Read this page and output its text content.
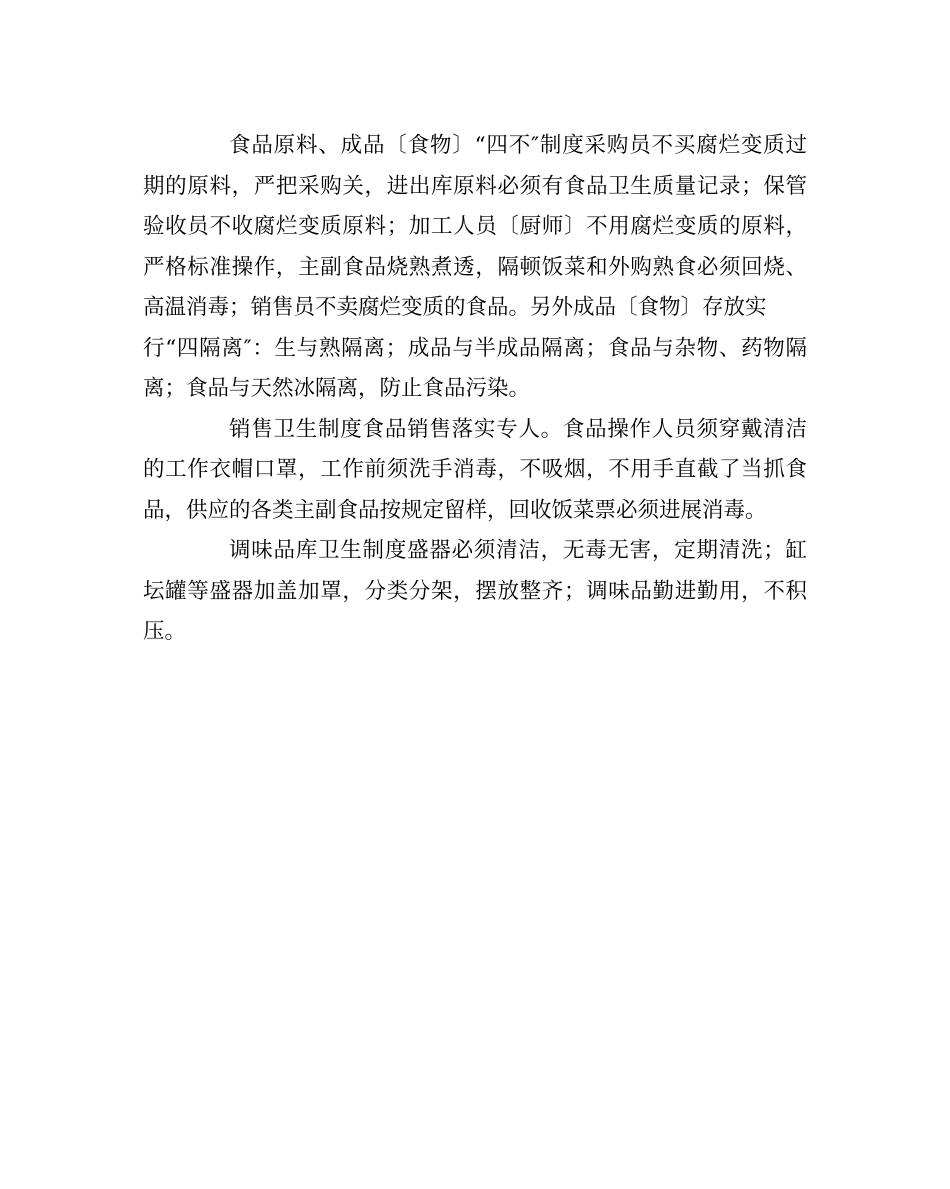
食品原料、成品〔食物〕“四不″制度采购员不买腐烂变质过
期的原料，严把采购关，进出库原料必须有食品卫生质量记录；保管
验收员不收腐烂变质原料；加工人员〔厨师〕不用腐烂变质的原料，
严格标准操作，主副食品烧熟煮透，隔顿饭菜和外购熟食必须回烧、
高温消毒；销售员不卖腐烂变质的食品。另外成品〔食物〕存放实
行“四隔离″：生与熟隔离；成品与半成品隔离；食品与杂物、药物隔
离；食品与天然冰隔离，防止食品污染。
销售卫生制度食品销售落实专人。食品操作人员须穿戴清洁
的工作衣帽口罩，工作前须洗手消毒，不吸烟，不用手直截了当抓食
品，供应的各类主副食品按规定留样，回收饭菜票必须进展消毒。
调味品库卫生制度盛器必须清洁，无毒无害，定期清洗；缸
坛罐等盛器加盖加罩，分类分架，摆放整齐；调味品勤进勤用，不积
压。
